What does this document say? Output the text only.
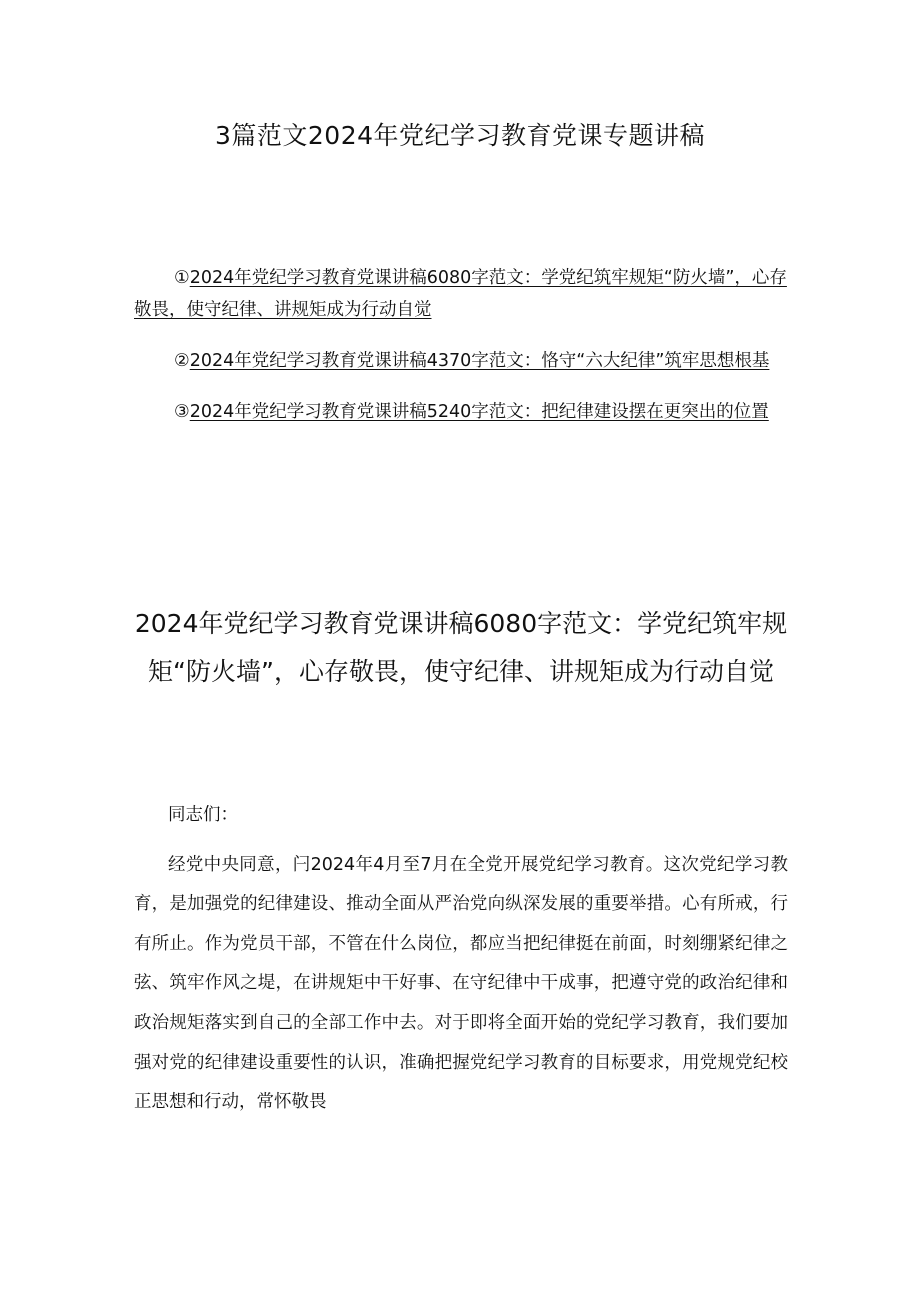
3篇范文2024年党纪学习教育党课专题讲稿
①2024年党纪学习教育党课讲稿6080字范文：学党纪筑牢规矩“防火墙”，心存敬畏，使守纪律、讲规矩成为行动自觉
②2024年党纪学习教育党课讲稿4370字范文：恪守“六大纪律”筑牢思想根基
③2024年党纪学习教育党课讲稿5240字范文：把纪律建设摆在更突出的位置
2024年党纪学习教育党课讲稿6080字范文：学党纪筑牢规矩“防火墙”，心存敬畏，使守纪律、讲规矩成为行动自觉

同志们：

经党中央同意，闩2024年4月至7月在全党开展党纪学习教育。这次党纪学习教育，是加强党的纪律建设、推动全面从严治党向纵深发展的重要举措。心有所戒，行有所止。作为党员干部，不管在什么岗位，都应当把纪律挺在前面，时刻绷紧纪律之弦、筑牢作风之堤，在讲规矩中干好事、在守纪律中干成事，把遵守党的政治纪律和政治规矩落实到自己的全部工作中去。对于即将全面开始的党纪学习教育，我们要加强对党的纪律建设重要性的认识，准确把握党纪学习教育的目标要求，用党规党纪校正思想和行动，常怀敬畏
